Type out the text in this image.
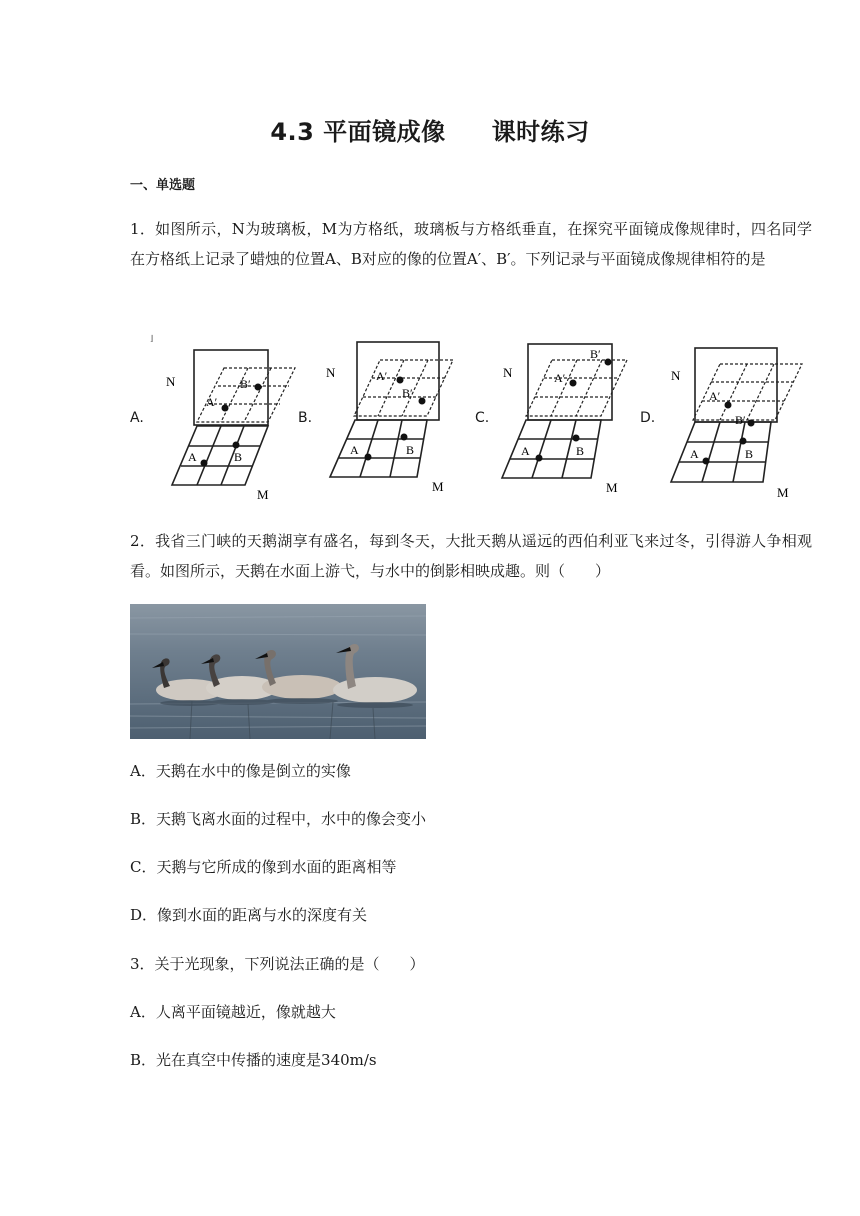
4.3 平面镜成像 课时练习
一、单选题
1．如图所示，N为玻璃板，M为方格纸，玻璃板与方格纸垂直，在探究平面镜成像规律时，四名同学在方格纸上记录了蜡烛的位置A、B对应的像的位置A′、B′。下列记录与平面镜成像规律相符的是
A.	B.	C.	D.
⌋
N
M
A	B
A′
B′
N
M
A	B
A′
B′
N
M
A	B
A′
B′
N
M
A	B
A′
B′
2．我省三门峡的天鹅湖享有盛名，每到冬天，大批天鹅从遥远的西伯利亚飞来过冬，引得游人争相观看。如图所示，天鹅在水面上游弋，与水中的倒影相映成趣。则（　　）
A．天鹅在水中的像是倒立的实像
B．天鹅飞离水面的过程中，水中的像会变小
C．天鹅与它所成的像到水面的距离相等
D．像到水面的距离与水的深度有关
3．关于光现象，下列说法正确的是（　　）
A．人离平面镜越近，像就越大
B．光在真空中传播的速度是340m/s
